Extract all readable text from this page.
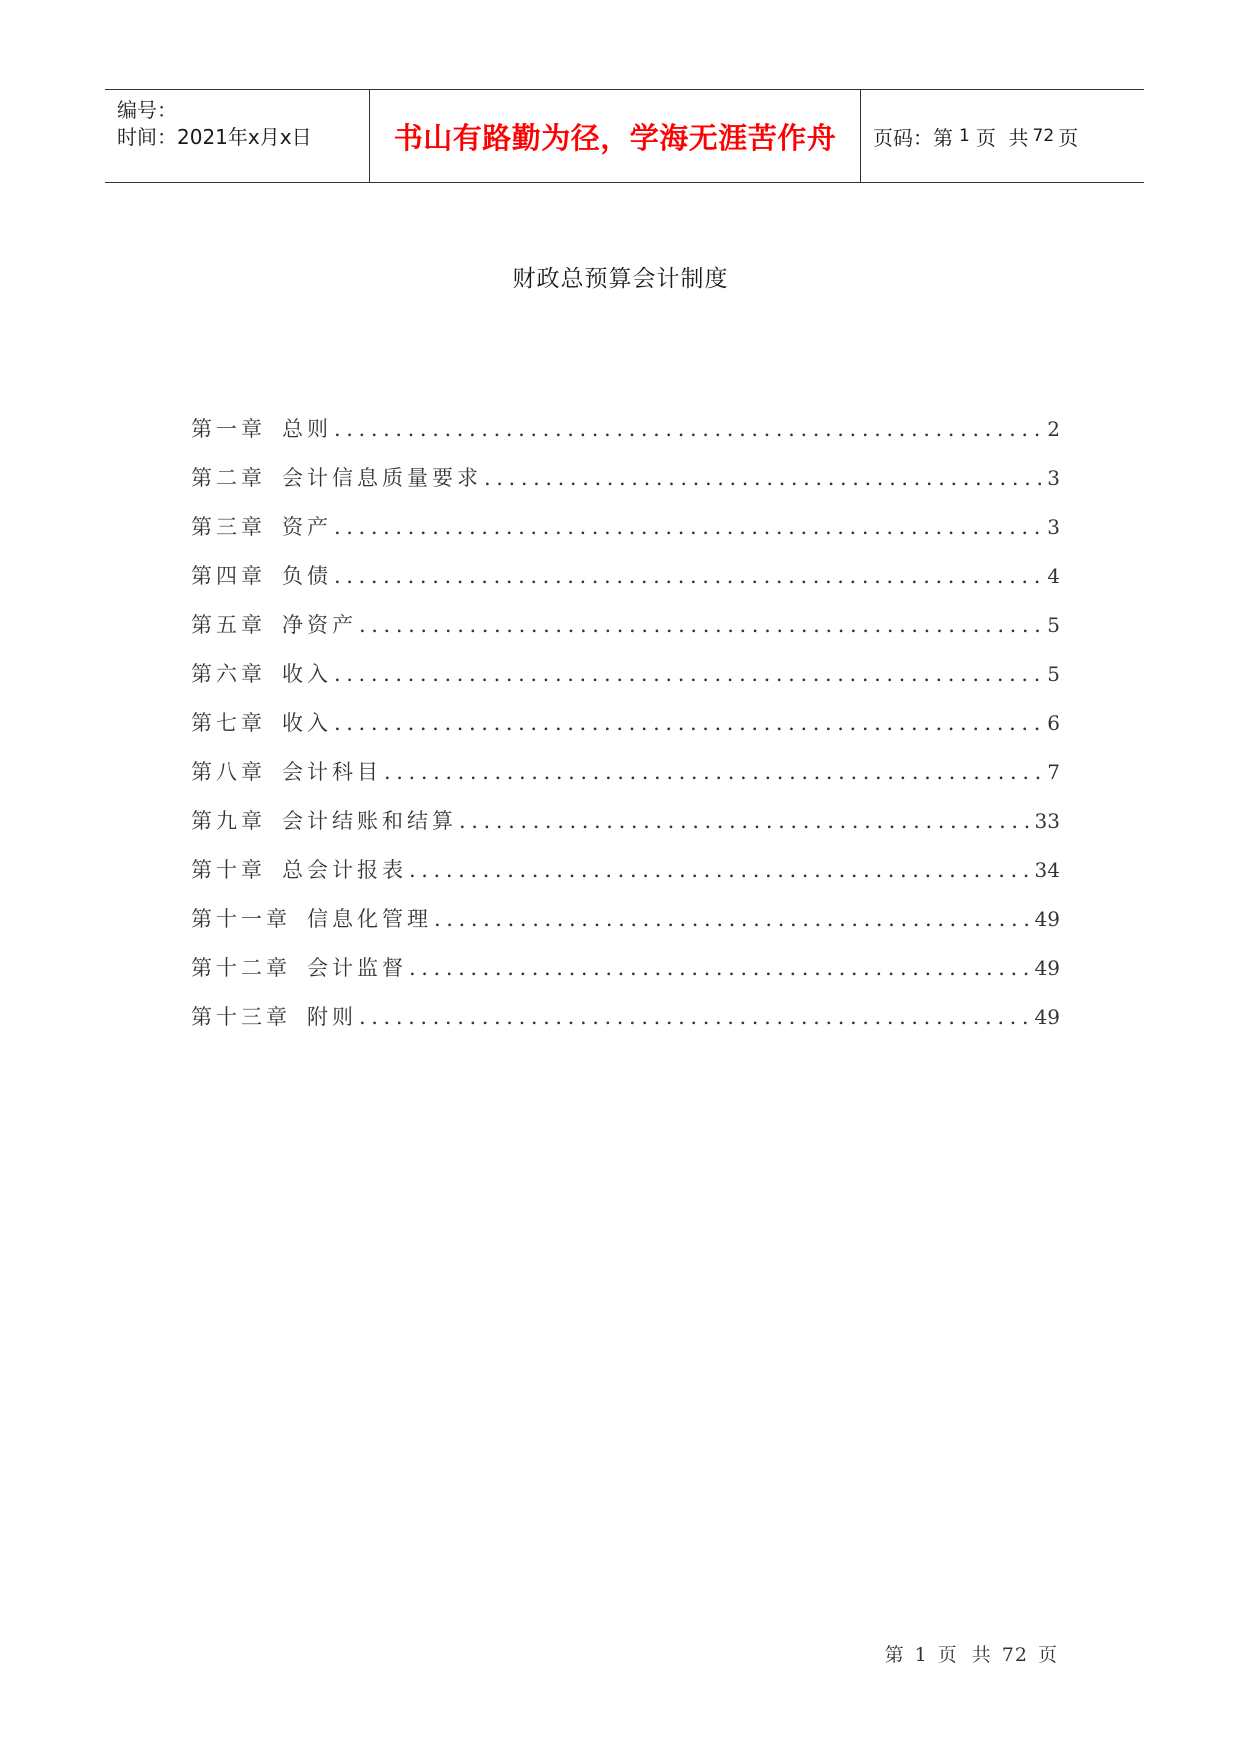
编号：
时间：2021年x月x日	书山有路勤为径，学海无涯苦作舟 页码：第 1 页  共 72 页
财政总预算会计制度
第一章 总则 .....	2
第二章 会计信息质量要求 .....	3
第三章 资产 .....	3
第四章 负债 .....	4
第五章 净资产 .....	5
第六章 收入 .....	5
第七章 收入 .....	6
第八章 会计科目 .....	7
第九章 会计结账和结算 .....	33
第十章 总会计报表 .....	34
第十一章 信息化管理 .....	49
第十二章 会计监督 .....	49
第十三章 附则 .....	49
第 1 页  共 72 页
